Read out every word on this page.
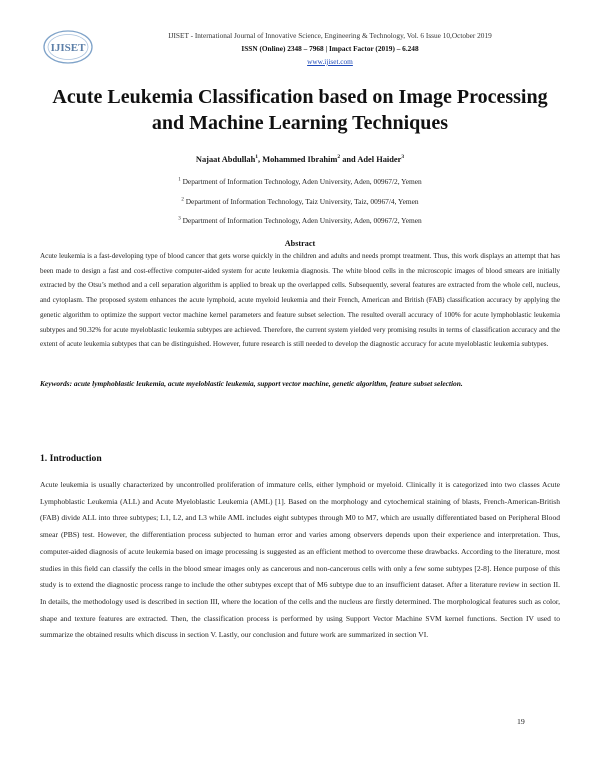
IJISET
IJISET - International Journal of Innovative Science, Engineering & Technology, Vol. 6 Issue 10,October 2019
ISSN (Online) 2348 – 7968 | Impact Factor (2019) – 6.248
www.ijiset.com
Acute Leukemia Classification based on Image Processing and Machine Learning Techniques
Najaat Abdullah$^1$, Mohammed Ibrahim$^2$ and Adel Haider$^3$
$^1$ Department of Information Technology, Aden University, Aden, 00967/2, Yemen
$^2$ Department of Information Technology, Taiz University, Taiz, 00967/4, Yemen
$^3$ Department of Information Technology, Aden University, Aden, 00967/2, Yemen
Abstract
Acute leukemia is a fast-developing type of blood cancer that gets worse quickly in the children and adults and needs prompt treatment. Thus, this work displays an attempt that has been made to design a fast and cost-effective computer-aided system for acute leukemia diagnosis. The white blood cells in the microscopic images of blood smears are initially extracted by the Otsu’s method and a cell separation algorithm is applied to break up the overlapped cells. Subsequently, several features are extracted from the whole cell, nucleus, and cytoplasm. The proposed system enhances the acute lymphoid, acute myeloid leukemia and their French, American and British (FAB) classification accuracy by applying the genetic algorithm to optimize the support vector machine kernel parameters and feature subset selection. The resulted overall accuracy of 100% for acute lymphoblastic leukemia subtypes and 90.32% for acute myeloblastic leukemia subtypes are achieved. Therefore, the current system yielded very promising results in terms of classification accuracy and the extent of acute leukemia subtypes that can be distinguished. However, future research is still needed to develop the diagnostic accuracy for acute myeloblastic leukemia subtypes.
Keywords: acute lymphoblastic leukemia, acute myeloblastic leukemia, support vector machine, genetic algorithm, feature subset selection.
1. Introduction
Acute leukemia is usually characterized by uncontrolled proliferation of immature cells, either lymphoid or myeloid. Clinically it is categorized into two classes Acute Lymphoblastic Leukemia (ALL) and Acute Myeloblastic Leukemia (AML) [1]. Based on the morphology and cytochemical staining of blasts, French-American-British (FAB) divide ALL into three subtypes; L1, L2, and L3 while AML includes eight subtypes through M0 to M7, which are usually differentiated based on Peripheral Blood smear (PBS) test. However, the differentiation process subjected to human error and varies among observers depends upon their experience and interpretation. Thus, computer-aided diagnosis of acute leukemia based on image processing is suggested as an efficient method to overcome these drawbacks. According to the literature, most studies in this field can classify the cells in the blood smear images only as cancerous and non-cancerous cells with only a few some subtypes [2-8]. Hence purpose of this study is to extend the diagnostic process range to include the other subtypes except that of M6 subtype due to an insufficient dataset. After a literature review in section II. In details, the methodology used is described in section III, where the location of the cells and the nucleus are firstly determined. The morphological features such as color, shape and texture features are extracted. Then, the classification process is performed by using Support Vector Machine SVM kernel functions. Section IV used to summarize the obtained results which discuss in section V. Lastly, our conclusion and future work are summarized in section VI.
19
